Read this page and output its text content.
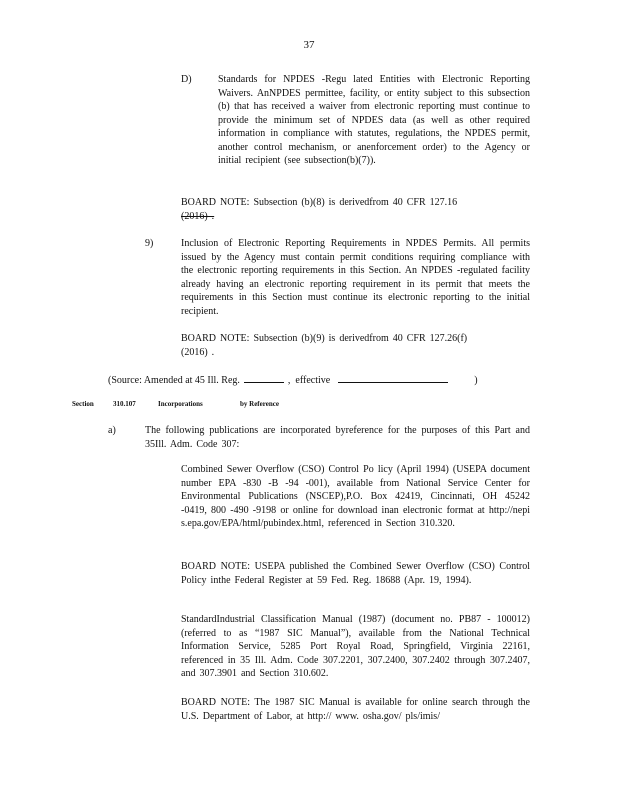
37
D)	Standards for NPDES -Regu lated Entities with Electronic Reporting Waivers. AnNPDES permittee, facility, or entity subject to this subsection (b) that has received a waiver from electronic reporting must continue to provide the minimum set of NPDES data (as well as other required information in compliance with statutes, regulations, the NPDES permit, another control mechanism, or anenforcement order) to the Agency or initial recipient (see subsection(b)(7)).

BOARD NOTE: Subsection (b)(8) is derivedfrom 40 CFR 127.16
(2016) .
9)	Inclusion of Electronic Reporting Requirements in NPDES Permits. All permits issued by the Agency must contain permit conditions requiring compliance with the electronic reporting requirements in this Section. An NPDES -regulated facility already having an electronic reporting requirement in its permit that meets the requirements in this Section must continue its electronic reporting to the initial recipient.

BOARD NOTE: Subsection (b)(9) is derivedfrom 40 CFR 127.26(f)
(2016) .
(Source: Amended at 45 Ill. Reg.	, effective	)
Section	310.107	Incorporations	by Reference
a)	The following publications are incorporated byreference for the purposes of this Part and 35Ill. Adm. Code 307:

Combined Sewer Overflow (CSO) Control Po licy (April 1994) (USEPA document number EPA -830 -B -94 -001), available from National Service Center for Environmental Publications (NSCEP),P.O. Box 42419, Cincinnati, OH 45242 -0419, 800 -490 -9198 or online for download inan electronic format at http://nepi s.epa.gov/EPA/html/pubindex.html, referenced in Section 310.320.

BOARD NOTE: USEPA published the Combined Sewer Overflow (CSO) Control Policy inthe Federal Register at 59 Fed. Reg. 18688 (Apr. 19, 1994).

StandardIndustrial Classification Manual (1987) (document no. PB87 - 100012) (referred to as “1987 SIC Manual”), available from the National Technical Information Service, 5285 Port Royal Road, Springfield, Virginia 22161, referenced in 35 Ill. Adm. Code 307.2201, 307.2400, 307.2402 through 307.2407, and 307.3901 and Section 310.602.

BOARD NOTE: The 1987 SIC Manual is available for online search through the U.S. Department of Labor, at http:// www. osha.gov/ pls/imis/
